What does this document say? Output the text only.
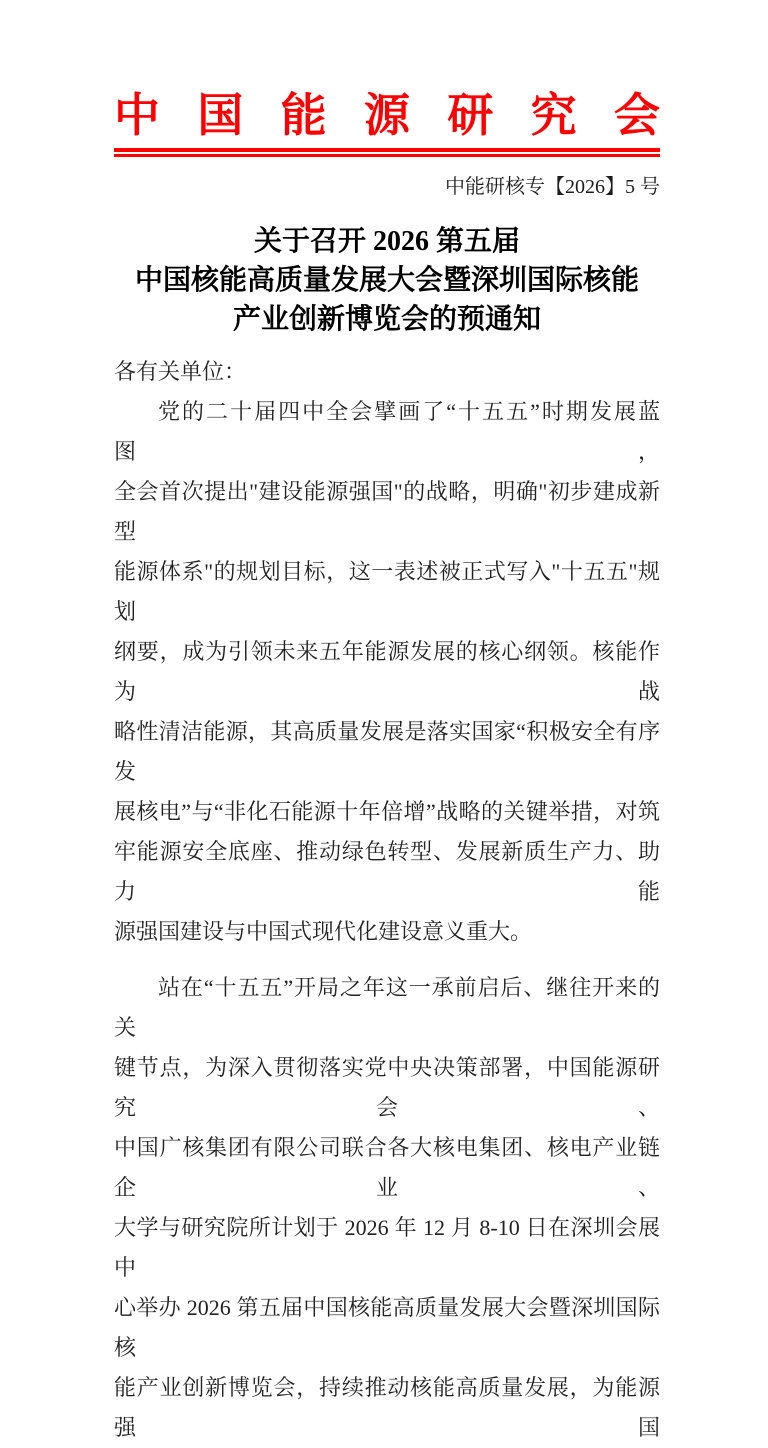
中 国 能 源 研 究 会
中能研核专【2026】5 号
关于召开 2026 第五届
中国核能高质量发展大会暨深圳国际核能
产业创新博览会的预通知
各有关单位：
党的二十届四中全会擘画了“十五五”时期发展蓝图，
全会首次提出"建设能源强国"的战略，明确"初步建成新型
能源体系"的规划目标，这一表述被正式写入"十五五"规划
纲要，成为引领未来五年能源发展的核心纲领。核能作为战
略性清洁能源，其高质量发展是落实国家“积极安全有序发
展核电”与“非化石能源十年倍增”战略的关键举措，对筑
牢能源安全底座、推动绿色转型、发展新质生产力、助力能
源强国建设与中国式现代化建设意义重大。
站在“十五五”开局之年这一承前启后、继往开来的关
键节点，为深入贯彻落实党中央决策部署，中国能源研究会、
中国广核集团有限公司联合各大核电集团、核电产业链企业、
大学与研究院所计划于 2026 年 12 月 8-10 日在深圳会展中
心举办 2026 第五届中国核能高质量发展大会暨深圳国际核
能产业创新博览会，持续推动核能高质量发展，为能源强国
